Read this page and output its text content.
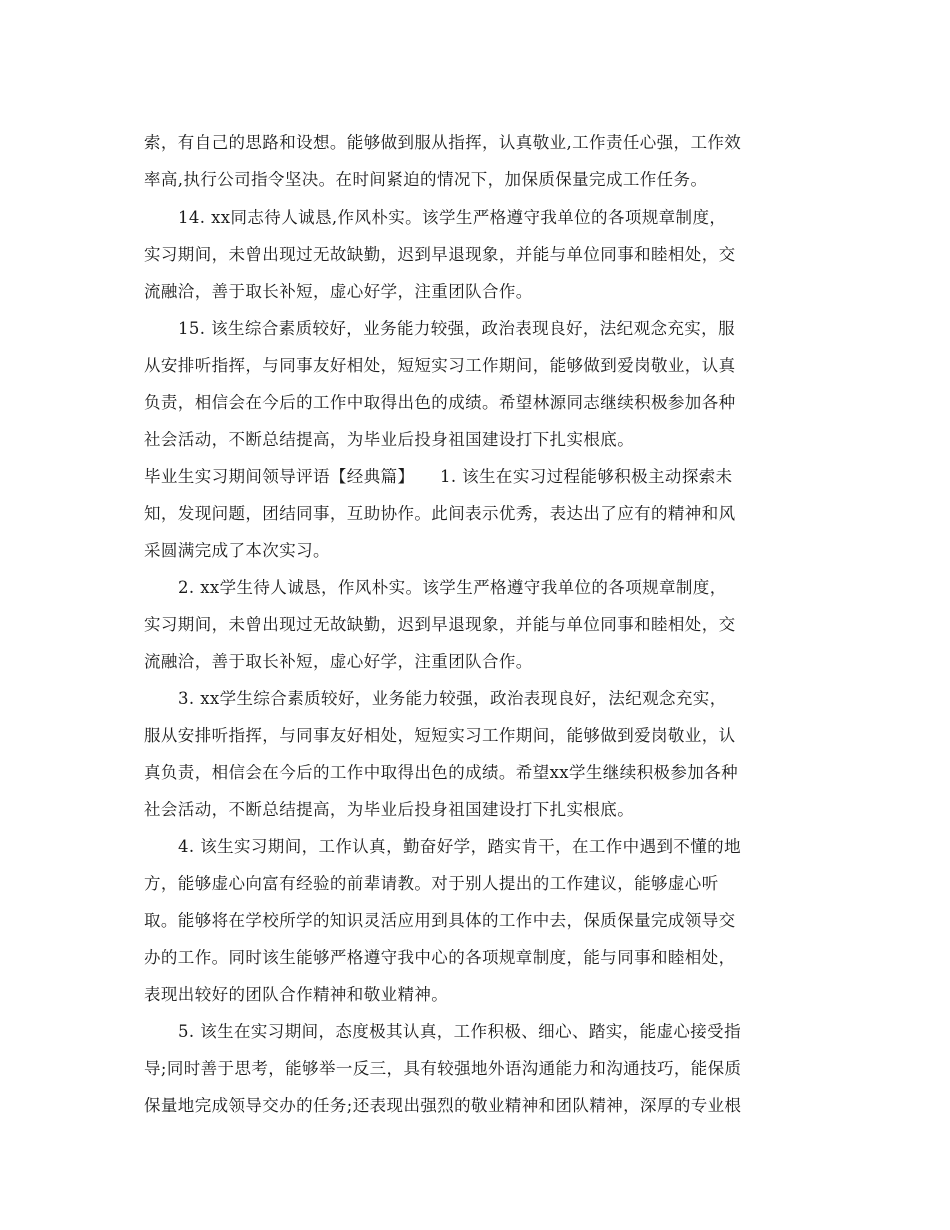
索，有自己的思路和设想。能够做到服从指挥，认真敬业,工作责任心强，工作效
率高,执行公司指令坚决。在时间紧迫的情况下，加保质保量完成工作任务。
14. xx同志待人诚恳,作风朴实。该学生严格遵守我单位的各项规章制度，
实习期间，未曾出现过无故缺勤，迟到早退现象，并能与单位同事和睦相处，交
流融洽，善于取长补短，虚心好学，注重团队合作。
15. 该生综合素质较好，业务能力较强，政治表现良好，法纪观念充实，服
从安排听指挥，与同事友好相处，短短实习工作期间，能够做到爱岗敬业，认真
负责，相信会在今后的工作中取得出色的成绩。希望林源同志继续积极参加各种
社会活动，不断总结提高，为毕业后投身祖国建设打下扎实根底。
毕业生实习期间领导评语【经典篇】　　1. 该生在实习过程能够积极主动探索未
知，发现问题，团结同事，互助协作。此间表示优秀，表达出了应有的精神和风
采圆满完成了本次实习。
2. xx学生待人诚恳，作风朴实。该学生严格遵守我单位的各项规章制度，
实习期间，未曾出现过无故缺勤，迟到早退现象，并能与单位同事和睦相处，交
流融洽，善于取长补短，虚心好学，注重团队合作。
3. xx学生综合素质较好，业务能力较强，政治表现良好，法纪观念充实，
服从安排听指挥，与同事友好相处，短短实习工作期间，能够做到爱岗敬业，认
真负责，相信会在今后的工作中取得出色的成绩。希望xx学生继续积极参加各种
社会活动，不断总结提高，为毕业后投身祖国建设打下扎实根底。
4. 该生实习期间，工作认真，勤奋好学，踏实肯干，在工作中遇到不懂的地
方，能够虚心向富有经验的前辈请教。对于别人提出的工作建议，能够虚心听
取。能够将在学校所学的知识灵活应用到具体的工作中去，保质保量完成领导交
办的工作。同时该生能够严格遵守我中心的各项规章制度，能与同事和睦相处，
表现出较好的团队合作精神和敬业精神。
5. 该生在实习期间，态度极其认真，工作积极、细心、踏实，能虚心接受指
导;同时善于思考，能够举一反三，具有较强地外语沟通能力和沟通技巧，能保质
保量地完成领导交办的任务;还表现出强烈的敬业精神和团队精神，深厚的专业根
